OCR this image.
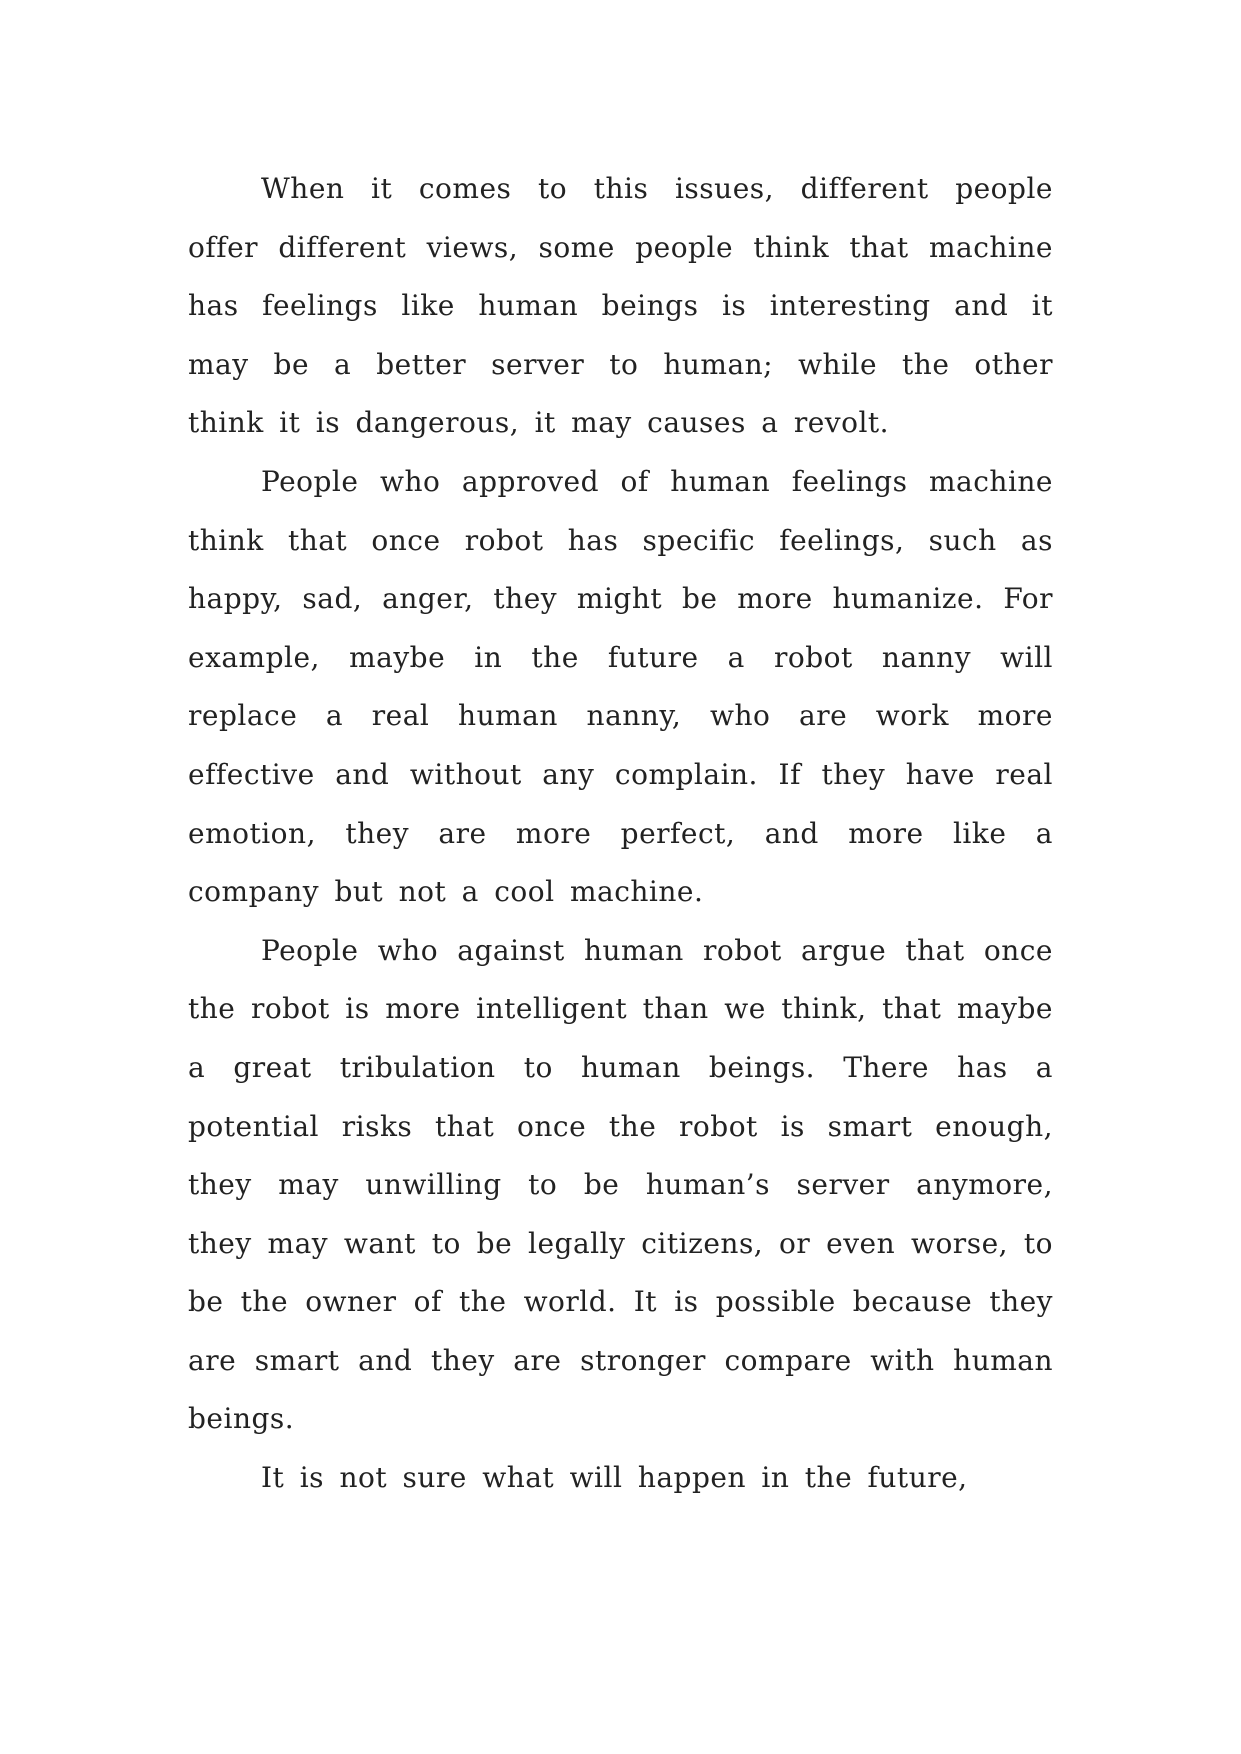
When it comes to this issues, different people offer different views, some people think that machine has feelings like human beings is interesting and it may be a better server to human; while the other think it is dangerous, it may causes a revolt.

People who approved of human feelings machine think that once robot has specific feelings, such as happy, sad, anger, they might be more humanize. For example, maybe in the future a robot nanny will replace a real human nanny, who are work more effective and without any complain. If they have real emotion, they are more perfect, and more like a company but not a cool machine.

People who against human robot argue that once the robot is more intelligent than we think, that maybe a great tribulation to human beings. There has a potential risks that once the robot is smart enough, they may unwilling to be human’s server anymore, they may want to be legally citizens, or even worse, to be the owner of the world. It is possible because they are smart and they are stronger compare with human beings.

It is not sure what will happen in the future,
